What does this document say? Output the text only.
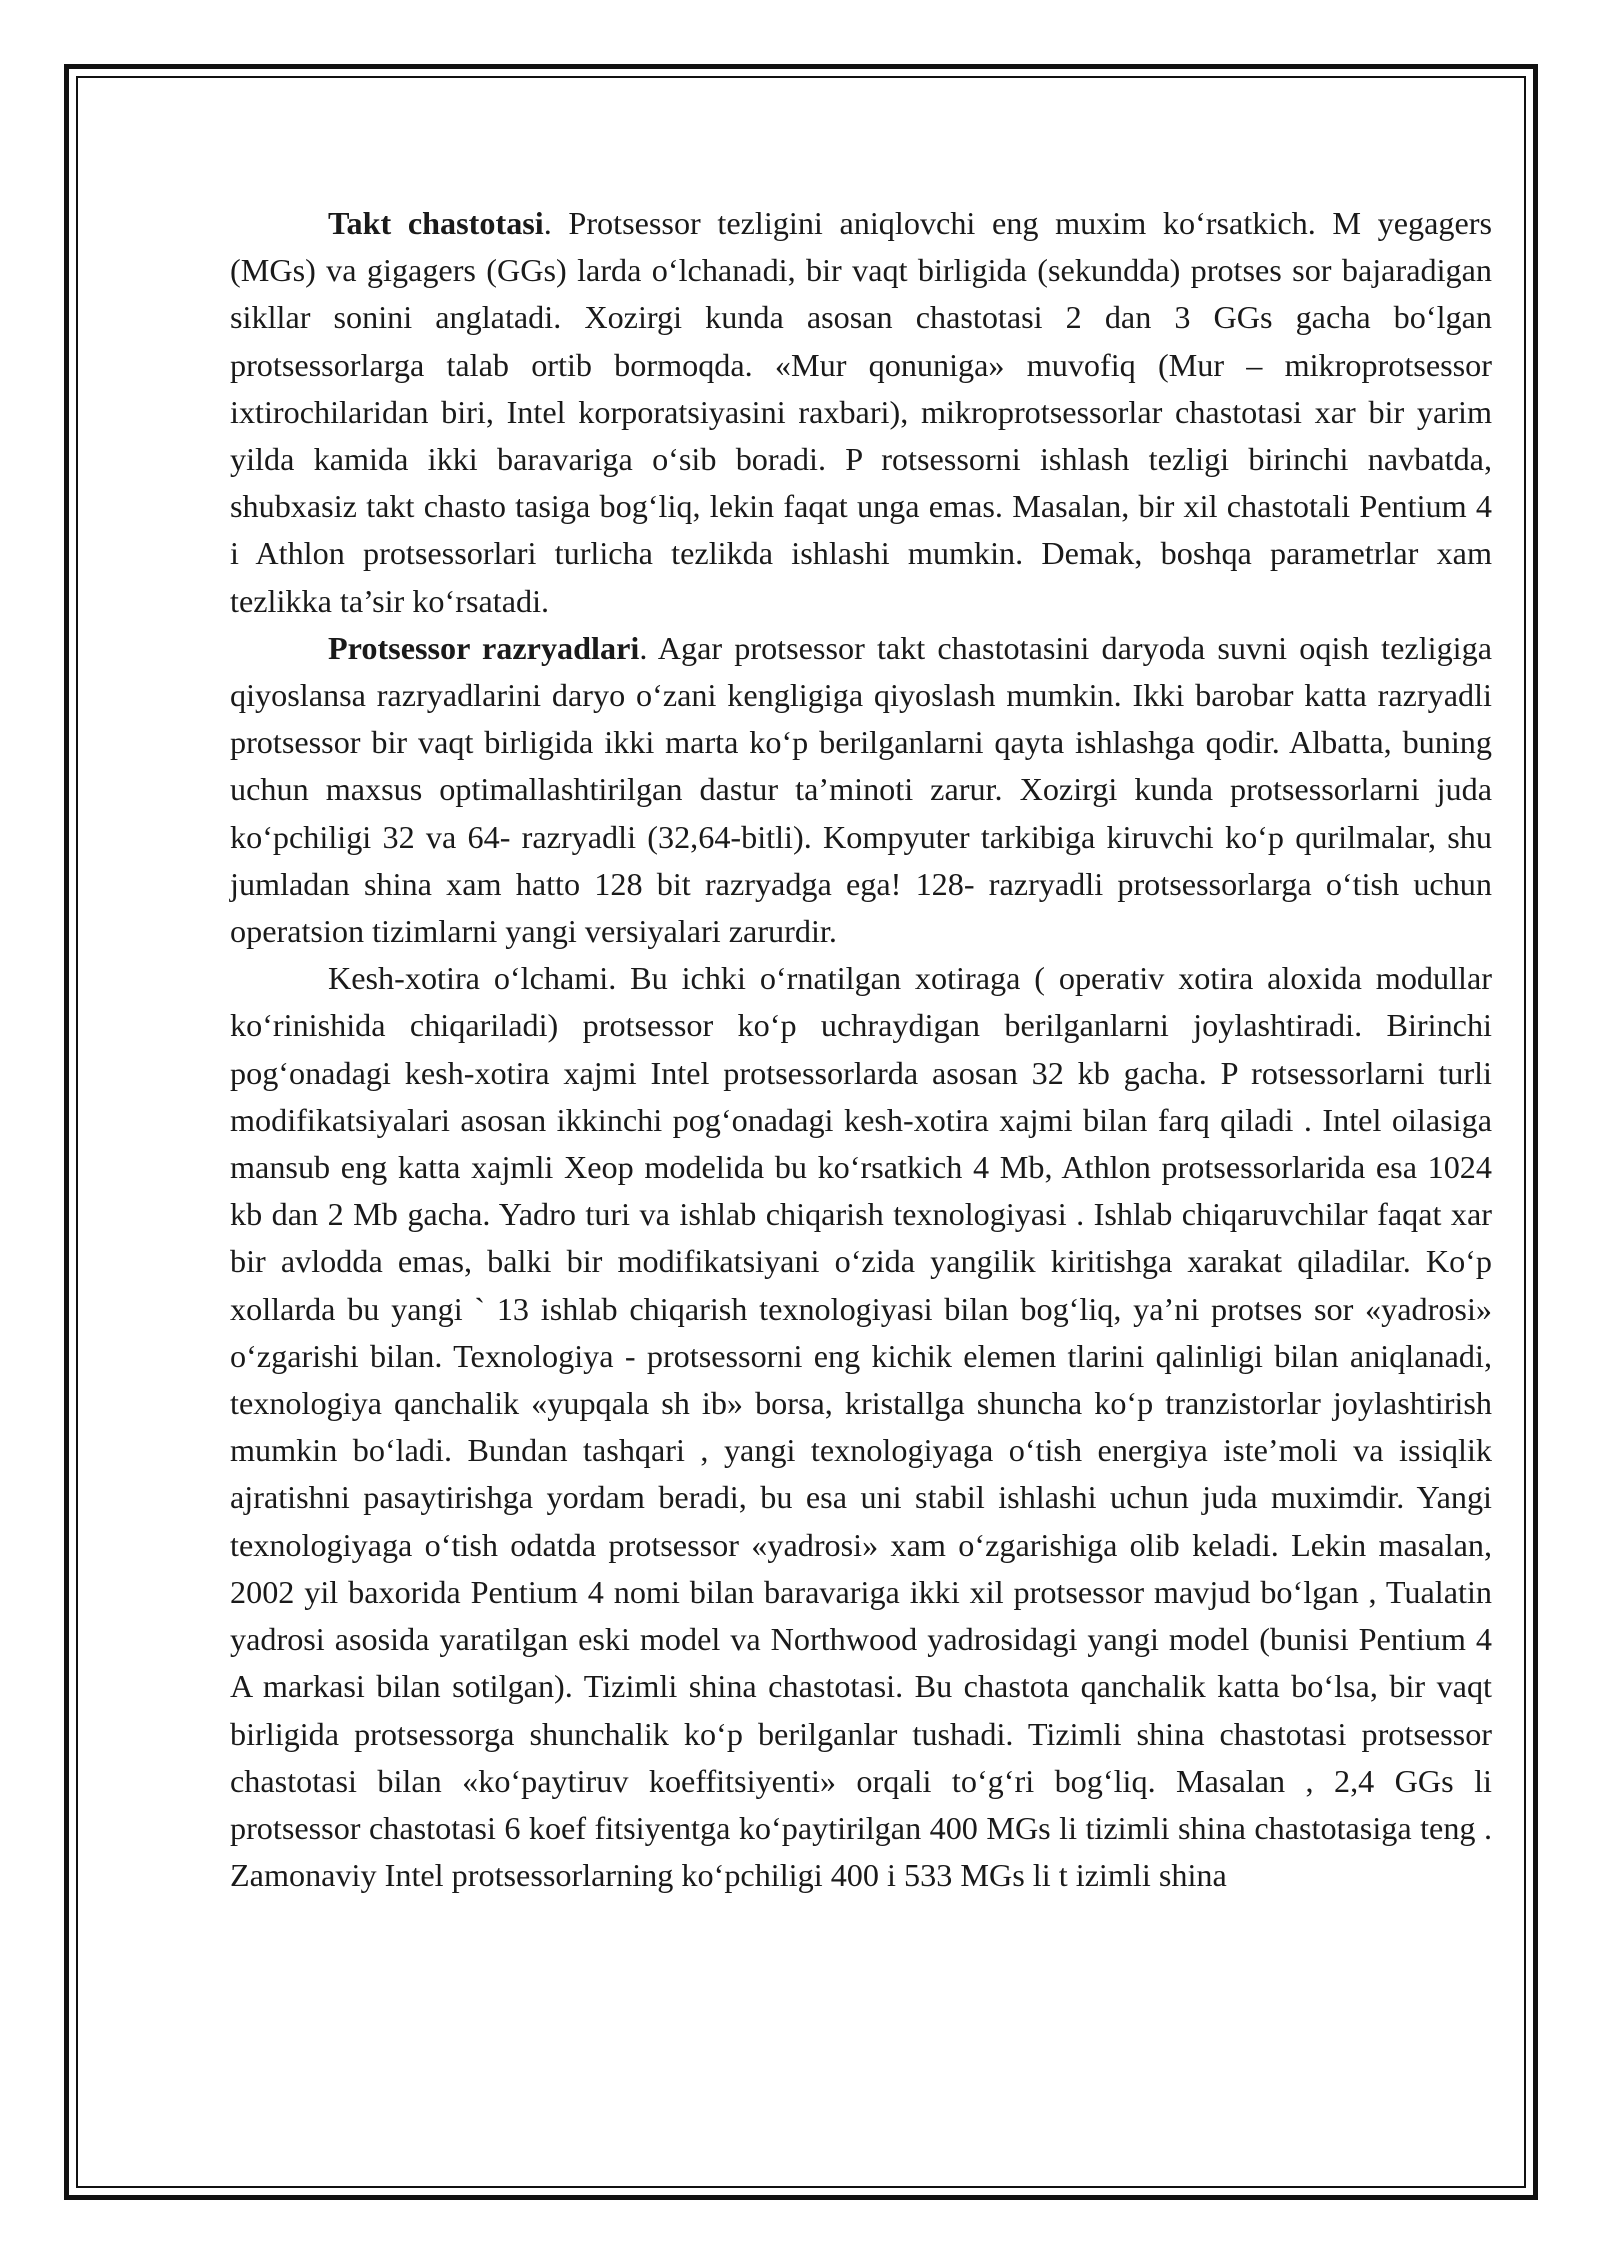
Takt chastotasi. Protsessor tezligini aniqlovchi eng muxim ko‘rsatkich. M yegagers (MGs) va gigagers (GGs) larda o‘lchanadi, bir vaqt birligida (sekundda) protses sor bajaradigan sikllar sonini anglatadi. Xozirgi kunda asosan chastotasi 2 dan 3 GGs gacha bo‘lgan protsessorlarga talab ortib bormoqda. «Mur qonuniga» muvofiq (Mur – mikroprotsessor ixtirochilaridan biri, Intel korporatsiyasini raxbari), mikroprotsessorlar chastotasi xar bir yarim yilda kamida ikki baravariga o‘sib boradi. P rotsessorni ishlash tezligi birinchi navbatda, shubxasiz takt chasto tasiga bog‘liq, lekin faqat unga emas. Masalan, bir xil chastotali Pentium 4 i Athlon protsessorlari turlicha tezlikda ishlashi mumkin. Demak, boshqa parametrlar xam tezlikka ta’sir ko‘rsatadi.

Protsessor razryadlari. Agar protsessor takt chastotasini daryoda suvni oqish tezligiga qiyoslansa razryadlarini daryo o‘zani kengligiga qiyoslash mumkin. Ikki barobar katta razryadli protsessor bir vaqt birligida ikki marta ko‘p berilganlarni qayta ishlashga qodir. Albatta, buning uchun maxsus optimallashtirilgan dastur ta’minoti zarur. Xozirgi kunda protsessorlarni juda ko‘pchiligi 32 va 64- razryadli (32,64-bitli). Kompyuter tarkibiga kiruvchi ko‘p qurilmalar, shu jumladan shina xam hatto 128 bit razryadga ega! 128- razryadli protsessorlarga o‘tish uchun operatsion tizimlarni yangi versiyalari zarurdir.

Kesh-xotira o‘lchami. Bu ichki o‘rnatilgan xotiraga ( operativ xotira aloxida modullar ko‘rinishida chiqariladi) protsessor ko‘p uchraydigan berilganlarni joylashtiradi. Birinchi pog‘onadagi kesh-xotira xajmi Intel protsessorlarda asosan 32 kb gacha. P rotsessorlarni turli modifikatsiyalari asosan ikkinchi pog‘onadagi kesh-xotira xajmi bilan farq qiladi . Intel oilasiga mansub eng katta xajmli Xeop modelida bu ko‘rsatkich 4 Mb, Athlon protsessorlarida esa 1024 kb dan 2 Mb gacha. Yadro turi va ishlab chiqarish texnologiyasi . Ishlab chiqaruvchilar faqat xar bir avlodda emas, balki bir modifikatsiyani o‘zida yangilik kiritishga xarakat qiladilar. Ko‘p xollarda bu yangi ` 13 ishlab chiqarish texnologiyasi bilan bog‘liq, ya’ni protses sor «yadrosi» o‘zgarishi bilan. Texnologiya - protsessorni eng kichik elemen tlarini qalinligi bilan aniqlanadi, texnologiya qanchalik «yupqala sh ib» borsa, kristallga shuncha ko‘p tranzistorlar joylashtirish mumkin bo‘ladi. Bundan tashqari , yangi texnologiyaga o‘tish energiya iste’moli va issiqlik ajratishni pasaytirishga yordam beradi, bu esa uni stabil ishlashi uchun juda muximdir. Yangi texnologiyaga o‘tish odatda protsessor «yadrosi» xam o‘zgarishiga olib keladi. Lekin masalan, 2002 yil baxorida Pentium 4 nomi bilan baravariga ikki xil protsessor mavjud bo‘lgan , Tualatin yadrosi asosida yaratilgan eski model va Northwood yadrosidagi yangi model (bunisi Pentium 4 A markasi bilan sotilgan). Tizimli shina chastotasi. Bu chastota qanchalik katta bo‘lsa, bir vaqt birligida protsessorga shunchalik ko‘p berilganlar tushadi. Tizimli shina chastotasi protsessor chastotasi bilan «ko‘paytiruv koeffitsiyenti» orqali to‘g‘ri bog‘liq. Masalan , 2,4 GGs li protsessor chastotasi 6 koef fitsiyentga ko‘paytirilgan 400 MGs li tizimli shina chastotasiga teng . Zamonaviy Intel protsessorlarning ko‘pchiligi 400 i 533 MGs li t izimli shina
